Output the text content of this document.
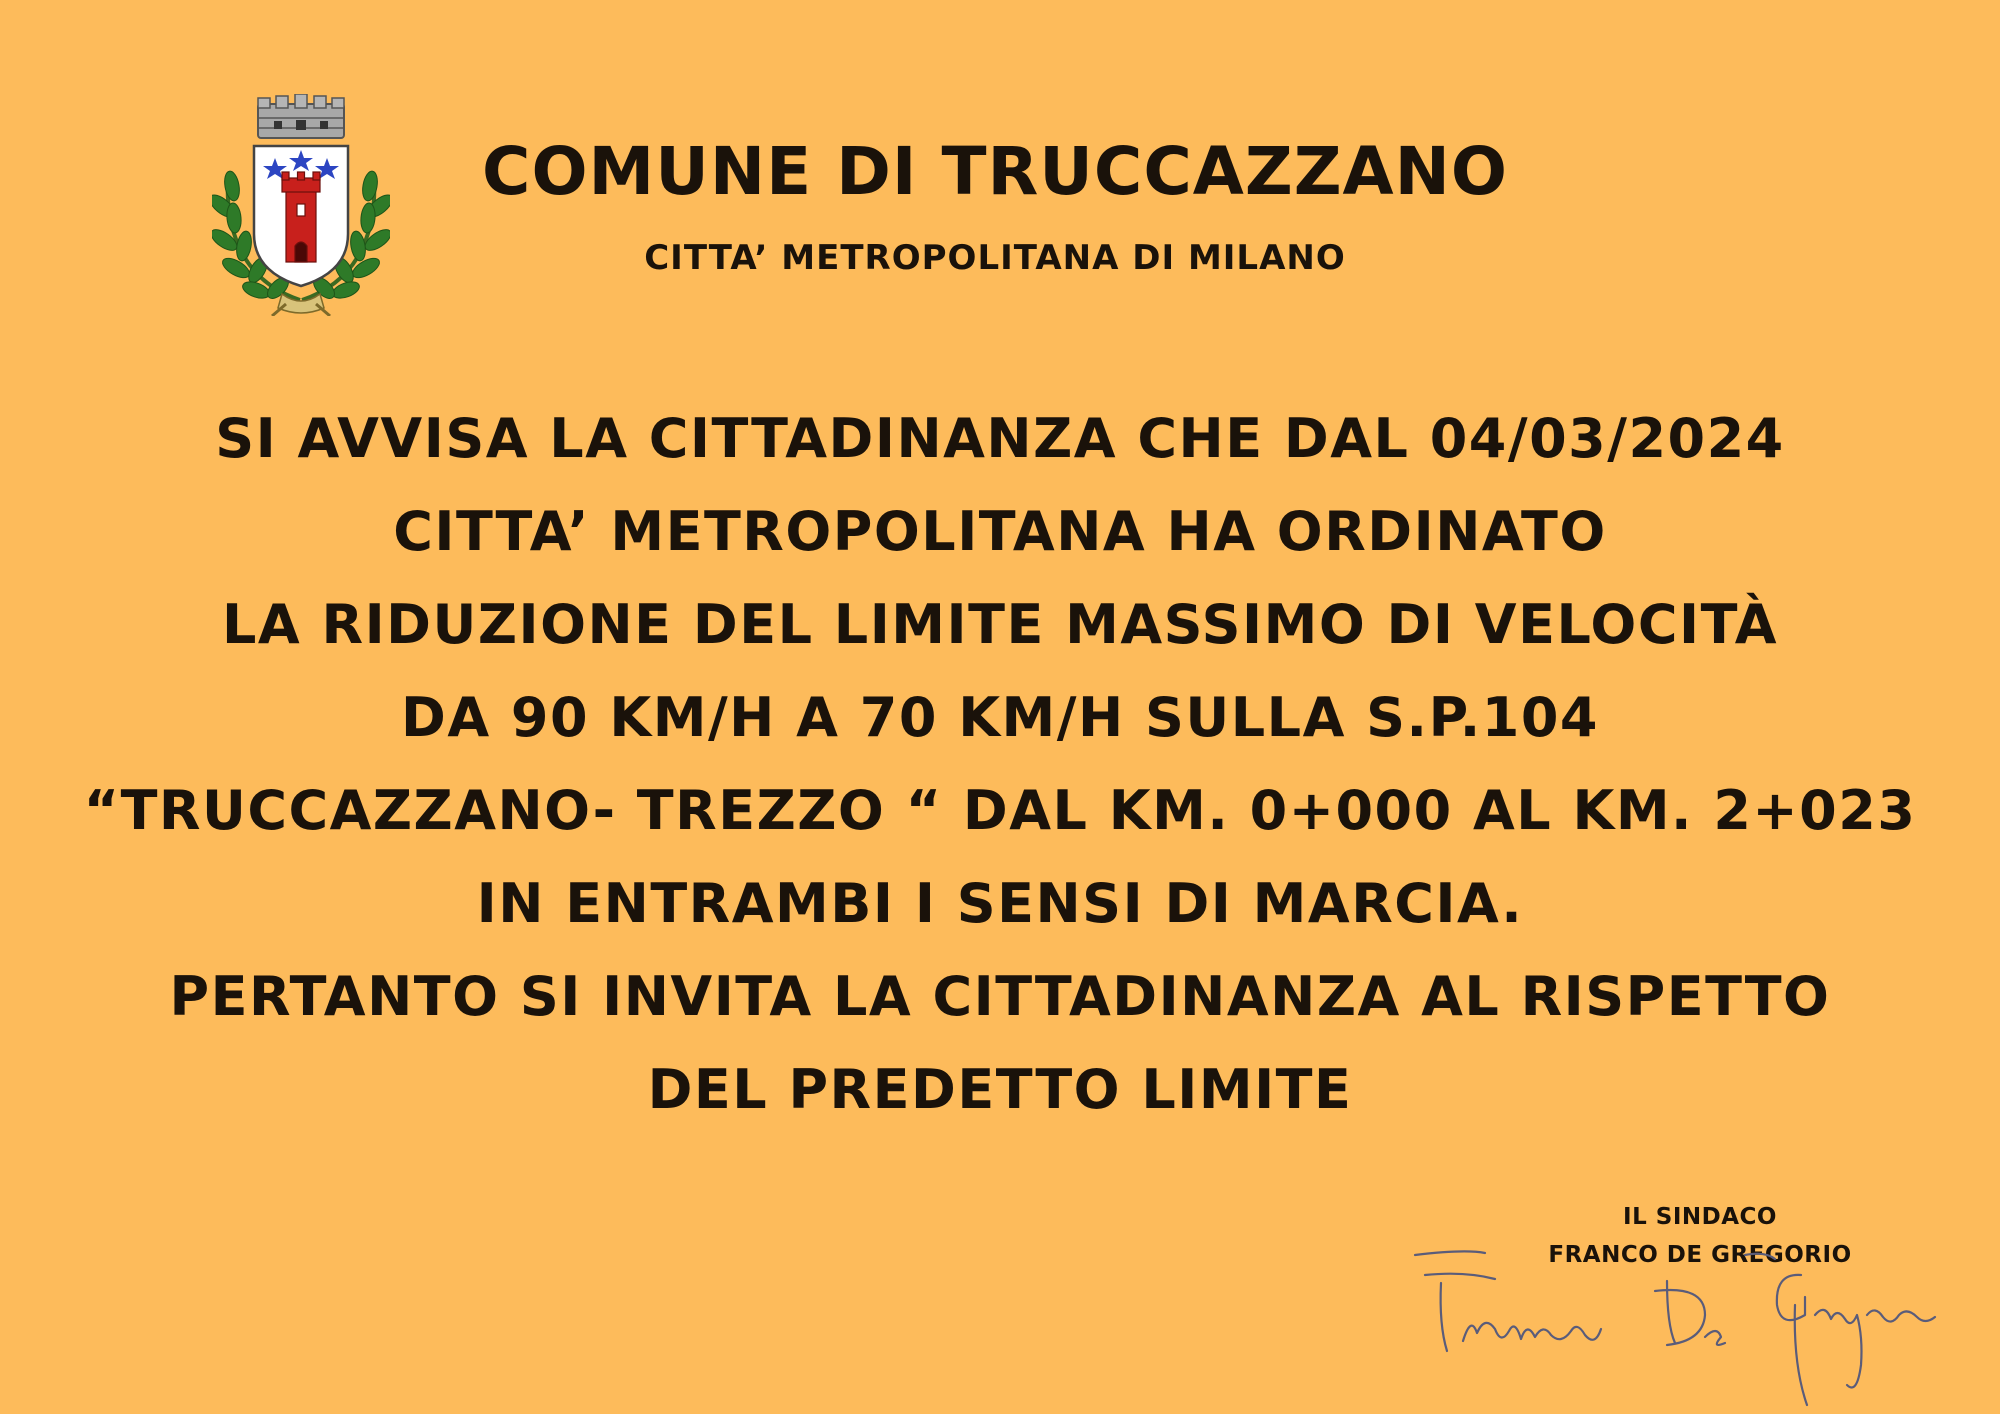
COMUNE DI TRUCCAZZANO
CITTA’ METROPOLITANA DI MILANO
SI AVVISA LA CITTADINANZA CHE DAL 04/03/2024
CITTA’ METROPOLITANA HA ORDINATO
LA RIDUZIONE DEL LIMITE MASSIMO DI VELOCITÀ
DA 90 KM/H A 70 KM/H SULLA S.P.104
“TRUCCAZZANO- TREZZO “ DAL KM. 0+000 AL KM. 2+023
IN ENTRAMBI I SENSI DI MARCIA.
PERTANTO SI INVITA LA CITTADINANZA AL RISPETTO
DEL PREDETTO LIMITE
IL SINDACO
FRANCO DE GREGORIO
